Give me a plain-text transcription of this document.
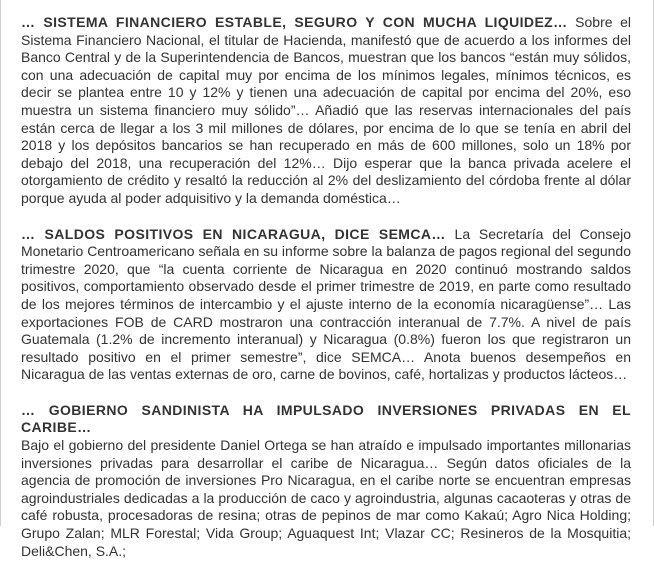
… SISTEMA FINANCIERO ESTABLE, SEGURO Y CON MUCHA LIQUIDEZ… Sobre el Sistema Financiero Nacional, el titular de Hacienda, manifestó que de acuerdo a los informes del Banco Central y de la Superintendencia de Bancos, muestran que los bancos “están muy sólidos, con una adecuación de capital muy por encima de los mínimos legales, mínimos técnicos, es decir se plantea entre 10 y 12% y tienen una adecuación de capital por encima del 20%, eso muestra un sistema financiero muy sólido”… Añadió que las reservas internacionales del país están cerca de llegar a los 3 mil millones de dólares, por encima de lo que se tenía en abril del 2018 y los depósitos bancarios se han recuperado en más de 600 millones, solo un 18% por debajo del 2018, una recuperación del 12%… Dijo esperar que la banca privada acelere el otorgamiento de crédito y resaltó la reducción al 2% del deslizamiento del córdoba frente al dólar porque ayuda al poder adquisitivo y la demanda doméstica…

… SALDOS POSITIVOS EN NICARAGUA, DICE SEMCA… La Secretaría del Consejo Monetario Centroamericano señala en su informe sobre la balanza de pagos regional del segundo trimestre 2020, que “la cuenta corriente de Nicaragua en 2020 continuó mostrando saldos positivos, comportamiento observado desde el primer trimestre de 2019, en parte como resultado de los mejores términos de intercambio y el ajuste interno de la economía nicaragüense”… Las exportaciones FOB de CARD mostraron una contracción interanual de 7.7%. A nivel de país Guatemala (1.2% de incremento interanual) y Nicaragua (0.8%) fueron los que registraron un resultado positivo en el primer semestre”, dice SEMCA… Anota buenos desempeños en Nicaragua de las ventas externas de oro, carne de bovinos, café, hortalizas y productos lácteos…

… GOBIERNO SANDINISTA HA IMPULSADO INVERSIONES PRIVADAS EN EL CARIBE…
Bajo el gobierno del presidente Daniel Ortega se han atraído e impulsado importantes millonarias inversiones privadas para desarrollar el caribe de Nicaragua… Según datos oficiales de la agencia de promoción de inversiones Pro Nicaragua, en el caribe norte se encuentran empresas agroindustriales dedicadas a la producción de caco y agroindustria, algunas cacaoteras y otras de café robusta, procesadoras de resina; otras de pepinos de mar como Kakaú; Agro Nica Holding; Grupo Zalan; MLR Forestal; Vida Group; Aguaquest Int; Vlazar CC; Resineros de la Mosquitia; Deli&Chen, S.A.;
